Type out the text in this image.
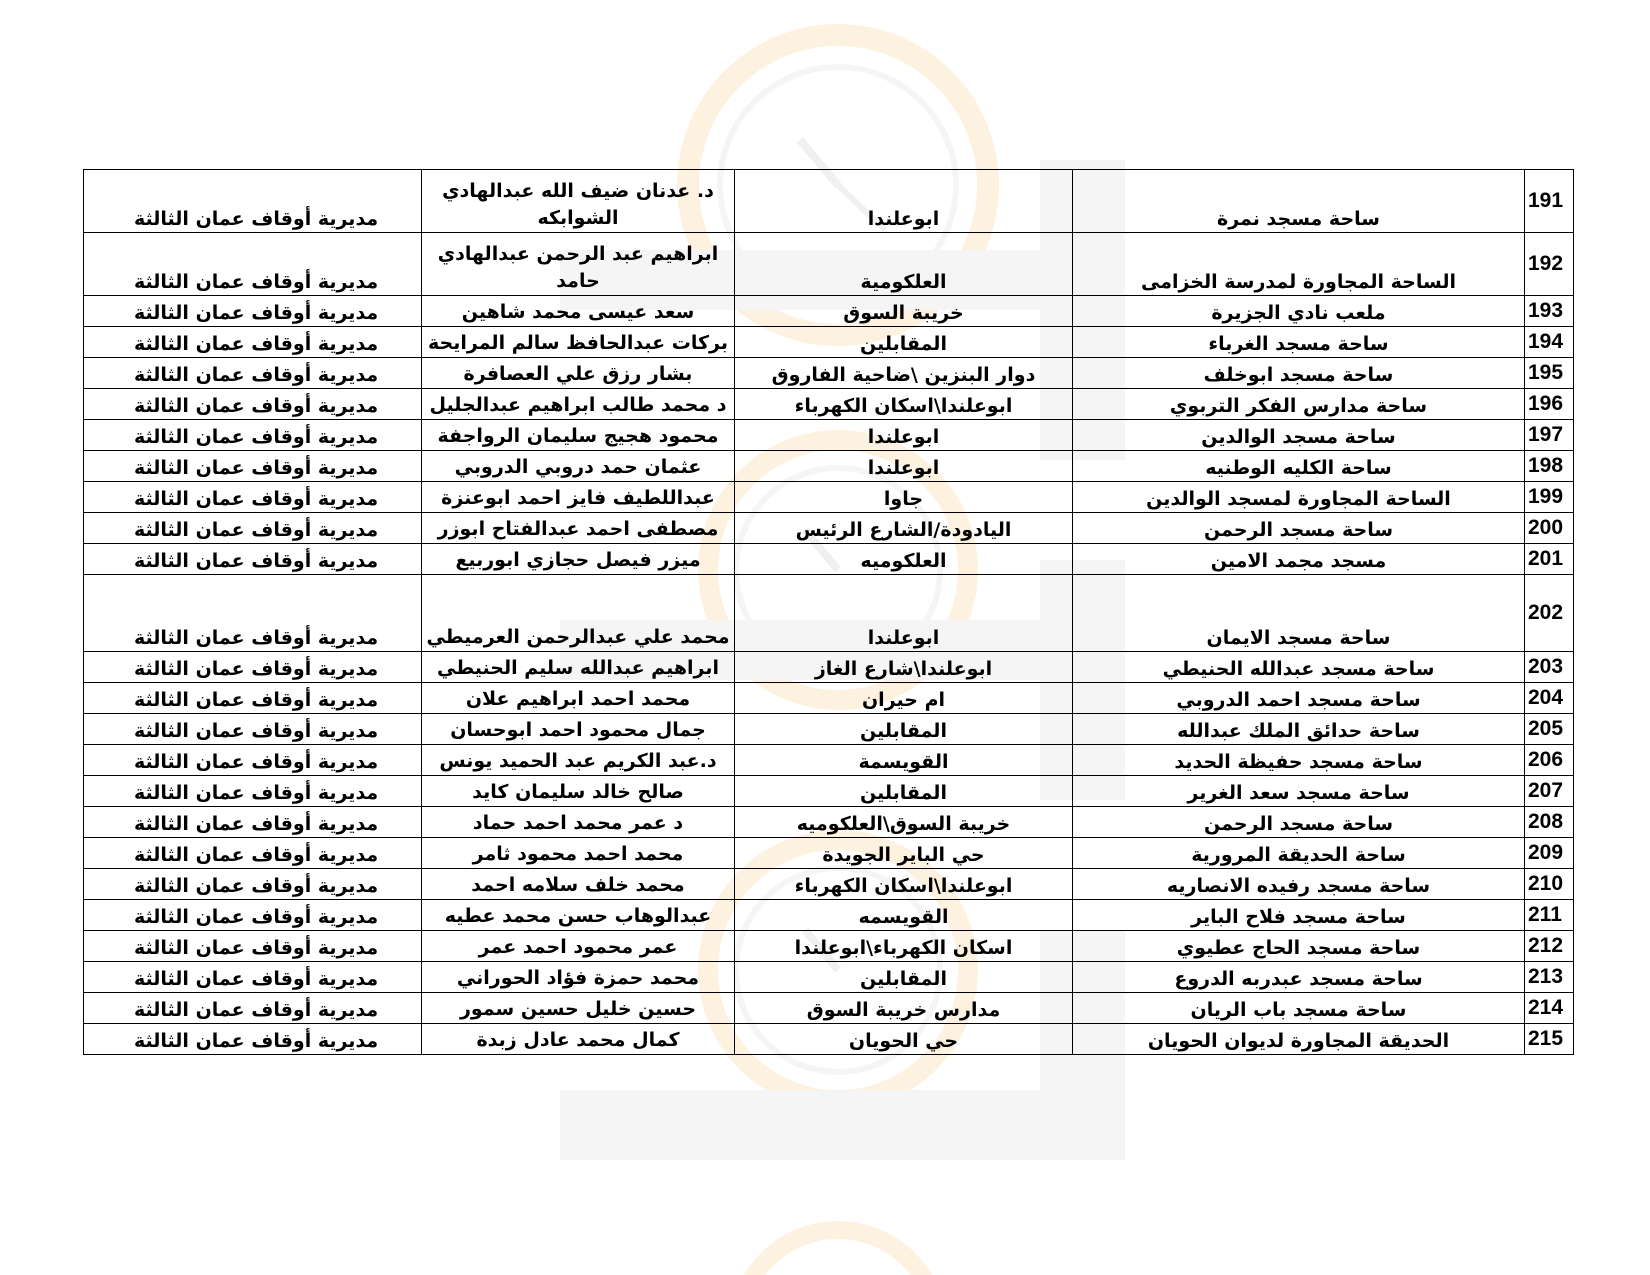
191	ساحة مسجد نمرة	ابوعلندا	د. عدنان ضيف الله عبدالهادي الشوابكه	مديرية أوقاف عمان الثالثة
192	الساحة المجاورة لمدرسة الخزامى	العلكومية	ابراهيم عبد الرحمن عبدالهادي حامد	مديرية أوقاف عمان الثالثة
193	ملعب نادي الجزيرة	خريبة السوق	سعد عيسى محمد شاهين	مديرية أوقاف عمان الثالثة
194	ساحة مسجد الغرباء	المقابلين	بركات عبدالحافظ سالم المرايحة	مديرية أوقاف عمان الثالثة
195	ساحة مسجد ابوخلف	دوار البنزين \ضاحية الفاروق	بشار رزق علي العصافرة	مديرية أوقاف عمان الثالثة
196	ساحة مدارس الفكر التربوي	ابوعلندا\اسكان الكهرباء	د محمد طالب ابراهيم عبدالجليل	مديرية أوقاف عمان الثالثة
197	ساحة مسجد الوالدين	ابوعلندا	محمود هجيج سليمان الرواجفة	مديرية أوقاف عمان الثالثة
198	ساحة الكليه الوطنيه	ابوعلندا	عثمان حمد دروبي الدروبي	مديرية أوقاف عمان الثالثة
199	الساحة المجاورة لمسجد الوالدين	جاوا	عبداللطيف فايز احمد ابوعنزة	مديرية أوقاف عمان الثالثة
200	ساحة مسجد الرحمن	اليادودة/الشارع الرئيس	مصطفى احمد عبدالفتاح ابوزر	مديرية أوقاف عمان الثالثة
201	مسجد مجمد الامين	العلكوميه	ميزر فيصل حجازي ابوربيع	مديرية أوقاف عمان الثالثة
202	ساحة مسجد الايمان	ابوعلندا	محمد علي عبدالرحمن العرميطي	مديرية أوقاف عمان الثالثة
203	ساحة مسجد عبدالله الحنيطي	ابوعلندا\شارع الغاز	ابراهيم عبدالله سليم الحنيطي	مديرية أوقاف عمان الثالثة
204	ساحة مسجد احمد الدروبي	ام حيران	محمد احمد ابراهيم علان	مديرية أوقاف عمان الثالثة
205	ساحة حدائق الملك عبدالله	المقابلين	جمال محمود احمد ابوحسان	مديرية أوقاف عمان الثالثة
206	ساحة مسجد حفيظة الحديد	القويسمة	د.عبد الكريم عبد الحميد يونس	مديرية أوقاف عمان الثالثة
207	ساحة مسجد سعد الغرير	المقابلين	صالح خالد سليمان كايد	مديرية أوقاف عمان الثالثة
208	ساحة مسجد الرحمن	خريبة السوق\العلكوميه	د عمر محمد احمد حماد	مديرية أوقاف عمان الثالثة
209	ساحة الحديقة المرورية	حي الباير الجويدة	محمد احمد محمود ثامر	مديرية أوقاف عمان الثالثة
210	ساحة مسجد رفيده الانصاريه	ابوعلندا\اسكان الكهرباء	محمد خلف سلامه احمد	مديرية أوقاف عمان الثالثة
211	ساحة مسجد فلاح الباير	القويسمه	عبدالوهاب حسن محمد عطيه	مديرية أوقاف عمان الثالثة
212	ساحة مسجد الحاج عطيوي	اسكان الكهرباء\ابوعلندا	عمر محمود احمد عمر	مديرية أوقاف عمان الثالثة
213	ساحة مسجد عبدربه الدروع	المقابلين	محمد حمزة فؤاد الحوراني	مديرية أوقاف عمان الثالثة
214	ساحة مسجد باب الريان	مدارس خريبة السوق	حسين خليل حسين سمور	مديرية أوقاف عمان الثالثة
215	الحديقة المجاورة لديوان الحويان	حي الحويان	كمال محمد عادل زبدة	مديرية أوقاف عمان الثالثة
